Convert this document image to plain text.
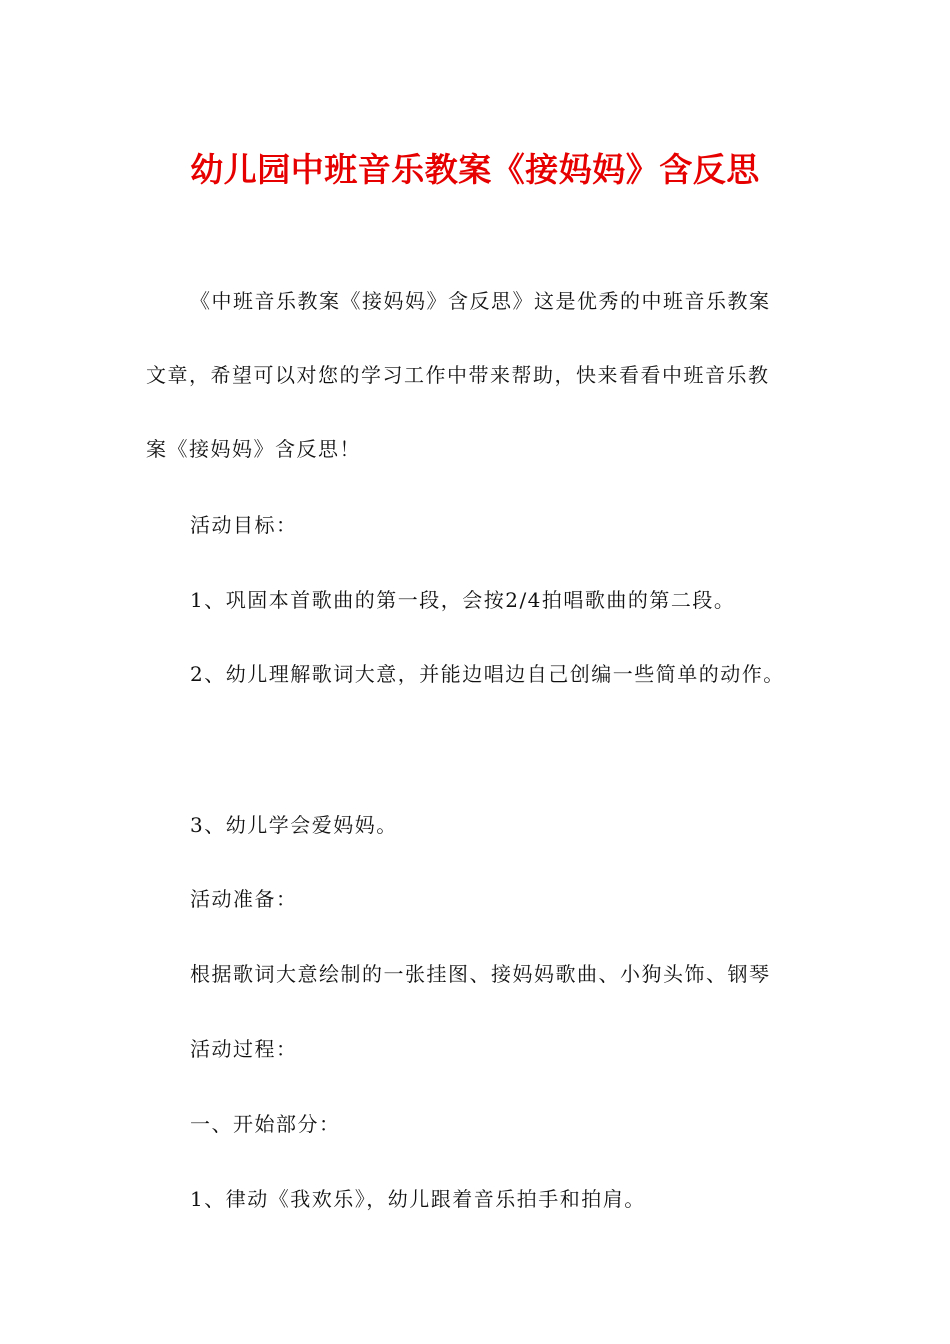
幼儿园中班音乐教案《接妈妈》含反思
《中班音乐教案《接妈妈》含反思》这是优秀的中班音乐教案
文章，希望可以对您的学习工作中带来帮助，快来看看中班音乐教
案《接妈妈》含反思！
活动目标：
1、巩固本首歌曲的第一段，会按2/4拍唱歌曲的第二段。
2、幼儿理解歌词大意，并能边唱边自己创编一些简单的动作。
3、幼儿学会爱妈妈。
活动准备：
根据歌词大意绘制的一张挂图、接妈妈歌曲、小狗头饰、钢琴
活动过程：
一、开始部分：
1、律动《我欢乐》，幼儿跟着音乐拍手和拍肩。
